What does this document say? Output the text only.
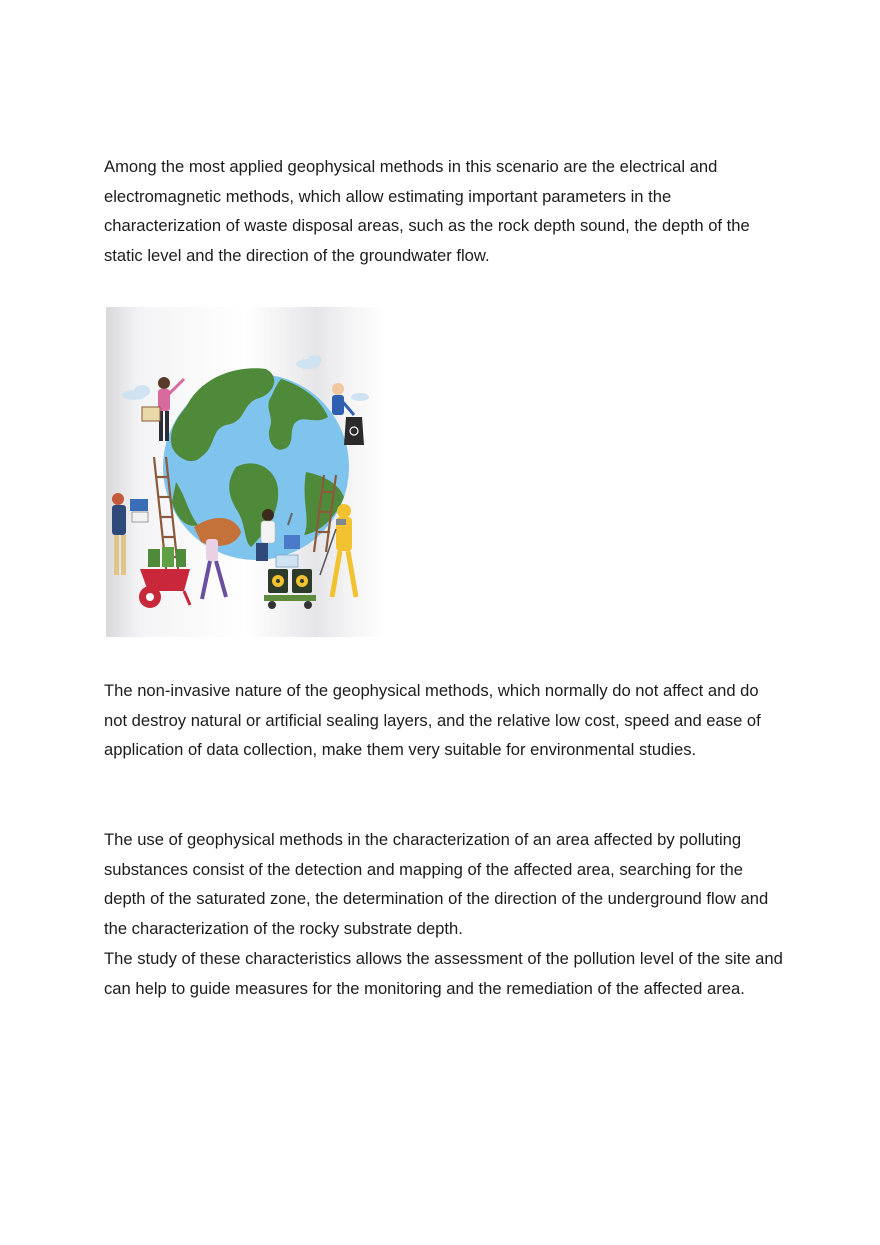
Among the most applied geophysical methods in this scenario are the electrical and electromagnetic methods, which allow estimating important parameters in the characterization of waste disposal areas, such as the rock depth sound, the depth of the static level and the direction of the groundwater flow.

The non-invasive nature of the geophysical methods, which normally do not affect and do not destroy natural or artificial sealing layers, and the relative low cost, speed and ease of application of data collection, make them very suitable for environmental studies.

The use of geophysical methods in the characterization of an area affected by polluting substances consist of the detection and mapping of the affected area, searching for the depth of the saturated zone, the determination of the direction of the underground flow and the characterization of the rocky substrate depth.

The study of these characteristics allows the assessment of the pollution level of the site and can help to guide measures for the monitoring and the remediation of the affected area.
